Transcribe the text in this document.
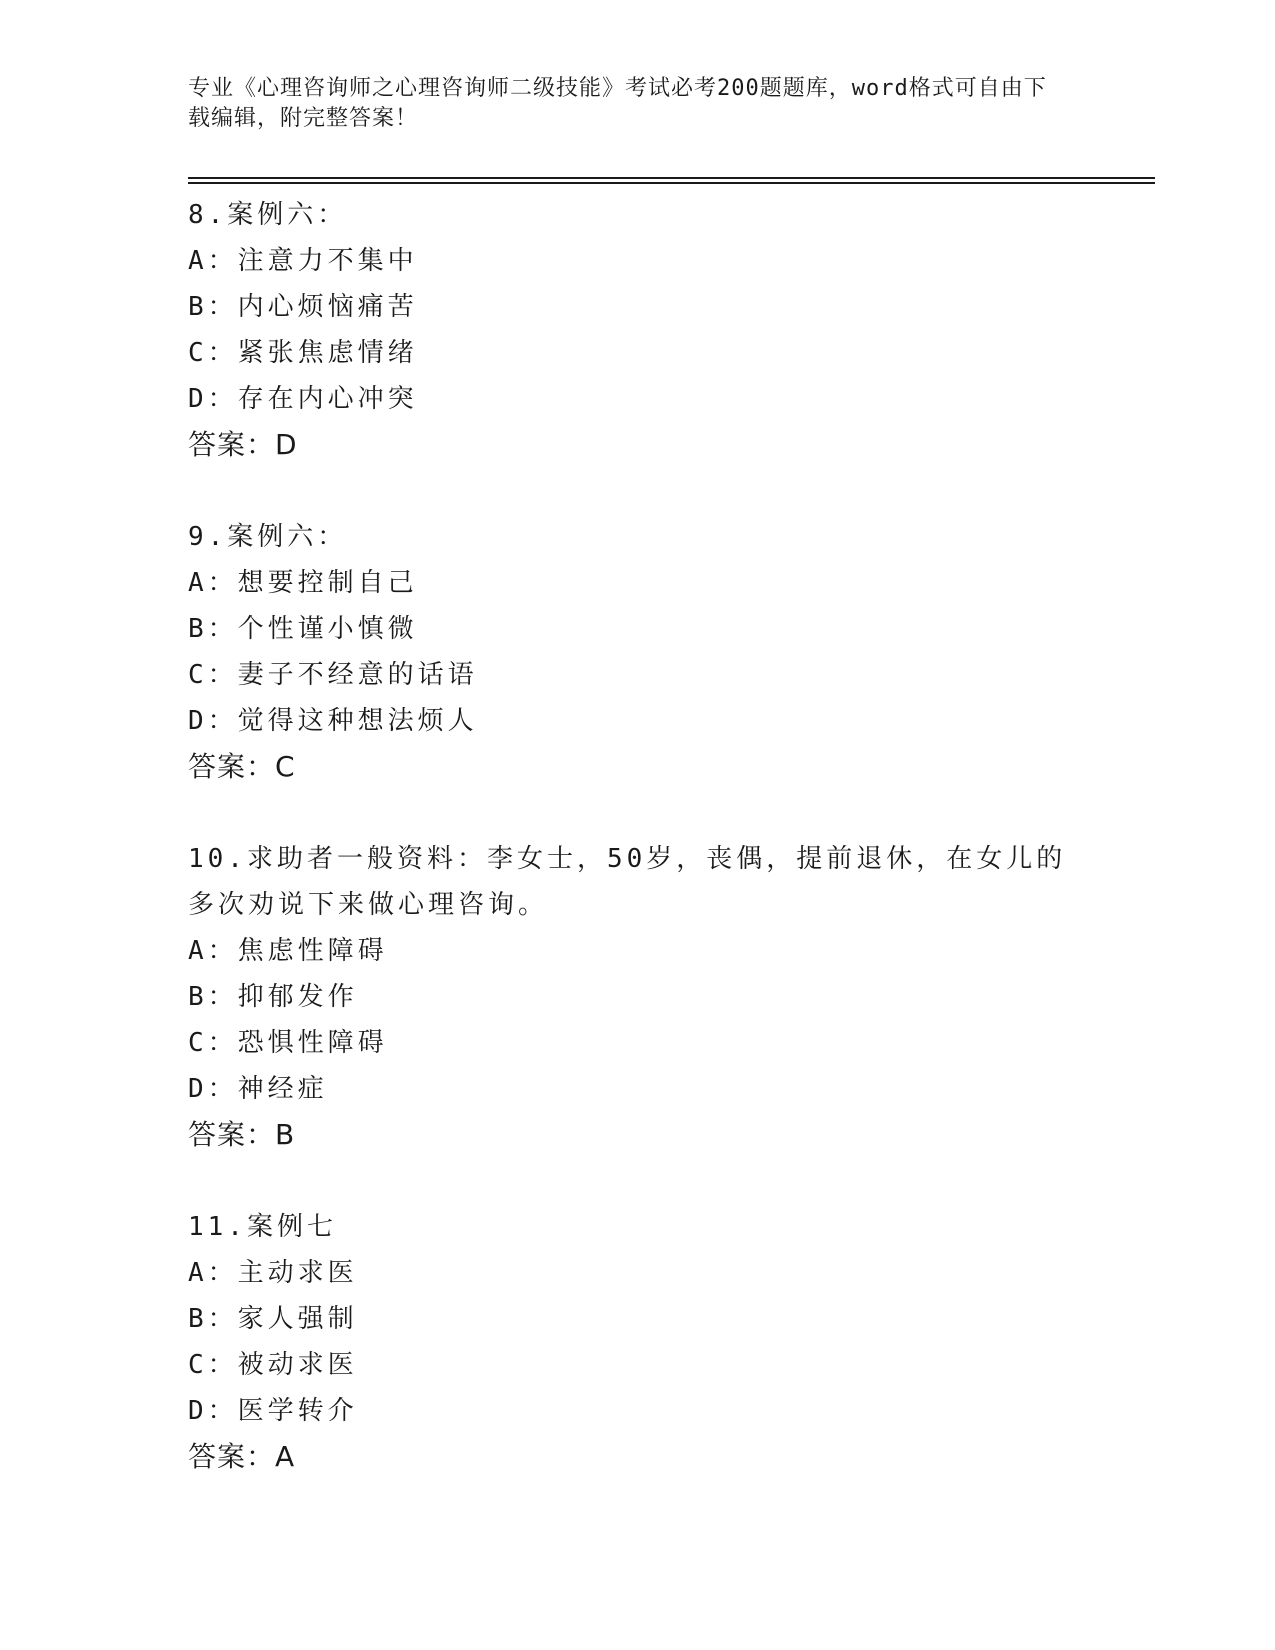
专业《心理咨询师之心理咨询师二级技能》考试必考200题题库，word格式可自由下载编辑，附完整答案！
8.案例六：
A：注意力不集中
B：内心烦恼痛苦
C：紧张焦虑情绪
D：存在内心冲突
答案：D
9.案例六：
A：想要控制自己
B：个性谨小慎微
C：妻子不经意的话语
D：觉得这种想法烦人
答案：C
10.求助者一般资料：李女士，50岁，丧偶，提前退休，在女儿的多次劝说下来做心理咨询。
A：焦虑性障碍
B：抑郁发作
C：恐惧性障碍
D：神经症
答案：B
11.案例七
A：主动求医
B：家人强制
C：被动求医
D：医学转介
答案：A
